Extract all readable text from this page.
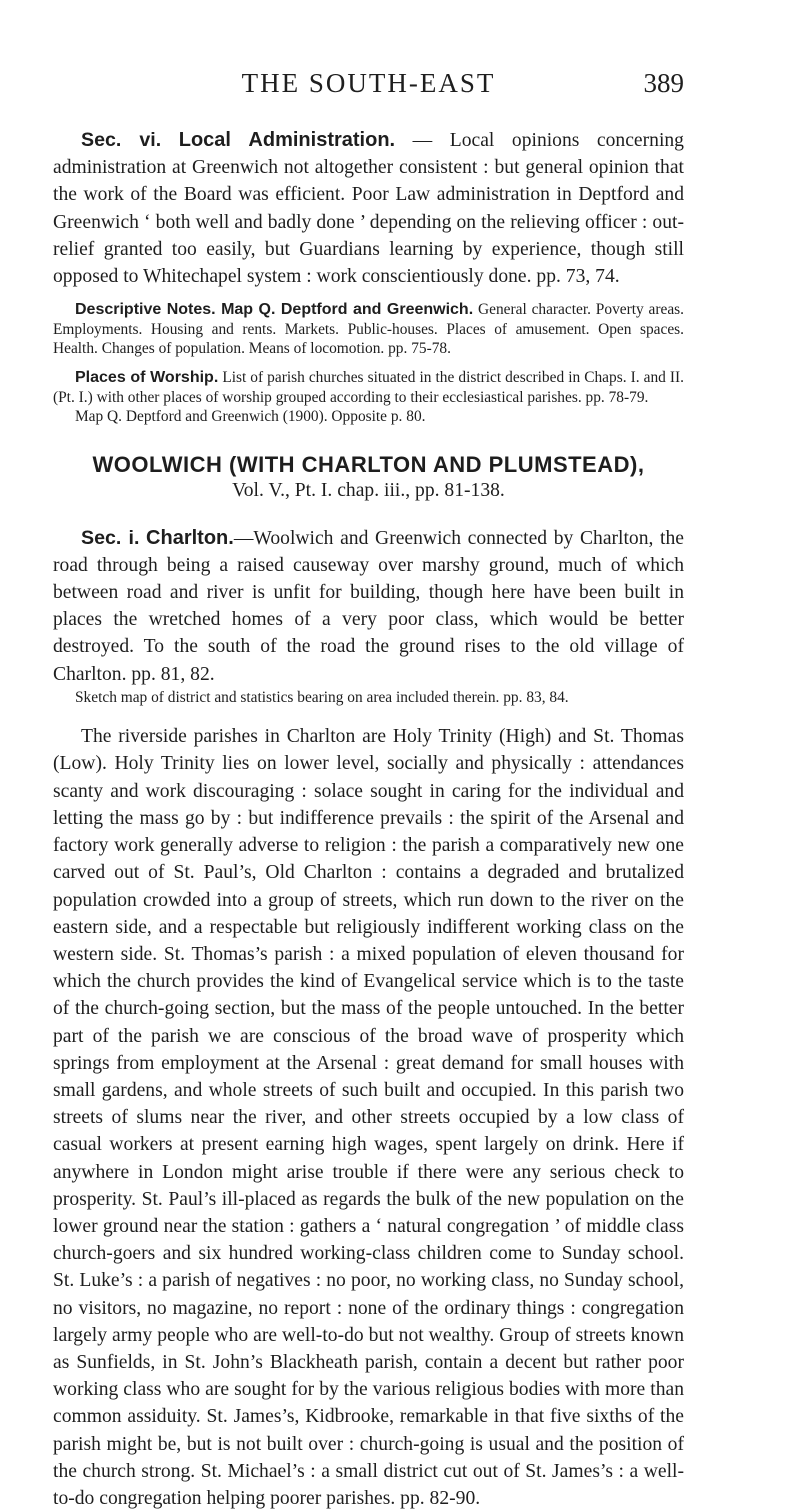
THE SOUTH-EAST	389

Sec. vi. Local Administration. — Local opinions concerning administration at Greenwich not altogether consistent : but general opinion that the work of the Board was efficient. Poor Law administration in Deptford and Greenwich ‘ both well and badly done ’ depending on the relieving officer : out-relief granted too easily, but Guardians learning by experience, though still opposed to Whitechapel system : work conscientiously done. pp. 73, 74.

Descriptive Notes. Map Q. Deptford and Greenwich. General character. Poverty areas. Employments. Housing and rents. Markets. Public-houses. Places of amusement. Open spaces. Health. Changes of population. Means of locomotion. pp. 75-78.

Places of Worship. List of parish churches situated in the district described in Chaps. I. and II. (Pt. I.) with other places of worship grouped according to their ecclesiastical parishes. pp. 78-79.

Map Q. Deptford and Greenwich (1900). Opposite p. 80.

WOOLWICH (WITH CHARLTON AND PLUMSTEAD),
Vol. V., Pt. I. chap. iii., pp. 81-138.

Sec. i. Charlton.—Woolwich and Greenwich connected by Charlton, the road through being a raised causeway over marshy ground, much of which between road and river is unfit for building, though here have been built in places the wretched homes of a very poor class, which would be better destroyed. To the south of the road the ground rises to the old village of Charlton. pp. 81, 82.

Sketch map of district and statistics bearing on area included therein. pp. 83, 84.

The riverside parishes in Charlton are Holy Trinity (High) and St. Thomas (Low). Holy Trinity lies on lower level, socially and physically : attendances scanty and work discouraging : solace sought in caring for the individual and letting the mass go by : but indifference prevails : the spirit of the Arsenal and factory work generally adverse to religion : the parish a comparatively new one carved out of St. Paul’s, Old Charlton : contains a degraded and brutalized population crowded into a group of streets, which run down to the river on the eastern side, and a respectable but religiously indifferent working class on the western side. St. Thomas’s parish : a mixed population of eleven thousand for which the church provides the kind of Evangelical service which is to the taste of the church-going section, but the mass of the people untouched. In the better part of the parish we are conscious of the broad wave of prosperity which springs from employment at the Arsenal : great demand for small houses with small gardens, and whole streets of such built and occupied. In this parish two streets of slums near the river, and other streets occupied by a low class of casual workers at present earning high wages, spent largely on drink. Here if anywhere in London might arise trouble if there were any serious check to prosperity. St. Paul’s ill-placed as regards the bulk of the new population on the lower ground near the station : gathers a ‘ natural congregation ’ of middle class church-goers and six hundred working-class children come to Sunday school. St. Luke’s : a parish of negatives : no poor, no working class, no Sunday school, no visitors, no magazine, no report : none of the ordinary things : congregation largely army people who are well-to-do but not wealthy. Group of streets known as Sunfields, in St. John’s Blackheath parish, contain a decent but rather poor working class who are sought for by the various religious bodies with more than common assiduity. St. James’s, Kidbrooke, remarkable in that five sixths of the parish might be, but is not built over : church-going is usual and the position of the church strong. St. Michael’s : a small district cut out of St. James’s : a well-to-do congregation helping poorer parishes. pp. 82-90.
